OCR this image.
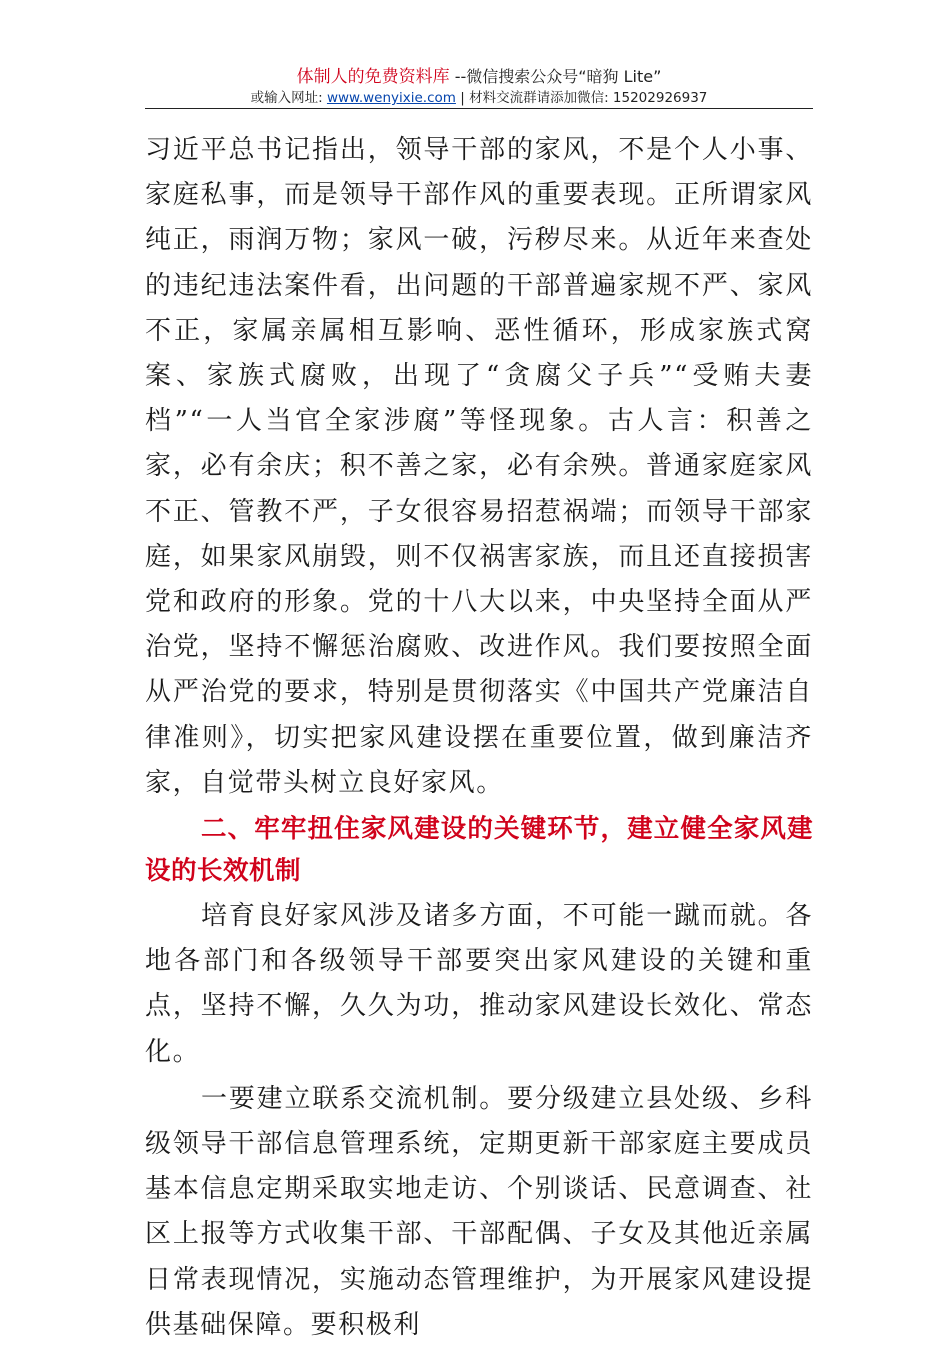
体制人的免费资料库 --微信搜索公众号“暗狗 Lite”
或输入网址: www.wenyixie.com | 材料交流群请添加微信: 15202926937

习近平总书记指出，领导干部的家风，不是个人小事、家庭私事，而是领导干部作风的重要表现。正所谓家风纯正，雨润万物；家风一破，污秽尽来。从近年来查处的违纪违法案件看，出问题的干部普遍家规不严、家风不正，家属亲属相互影响、恶性循环，形成家族式窝案、家族式腐败，出现了“贪腐父子兵”“受贿夫妻档”“一人当官全家涉腐”等怪现象。古人言：积善之家，必有余庆；积不善之家，必有余殃。普通家庭家风不正、管教不严，子女很容易招惹祸端；而领导干部家庭，如果家风崩毁，则不仅祸害家族，而且还直接损害党和政府的形象。党的十八大以来，中央坚持全面从严治党，坚持不懈惩治腐败、改进作风。我们要按照全面从严治党的要求，特别是贯彻落实《中国共产党廉洁自律准则》，切实把家风建设摆在重要位置，做到廉洁齐家，自觉带头树立良好家风。

二、牢牢扭住家风建设的关键环节，建立健全家风建设的长效机制

培育良好家风涉及诸多方面，不可能一蹴而就。各地各部门和各级领导干部要突出家风建设的关键和重点，坚持不懈，久久为功，推动家风建设长效化、常态化。

一要建立联系交流机制。要分级建立县处级、乡科级领导干部信息管理系统，定期更新干部家庭主要成员基本信息定期采取实地走访、个别谈话、民意调查、社区上报等方式收集干部、干部配偶、子女及其他近亲属日常表现情况，实施动态管理维护，为开展家风建设提供基础保障。要积极利
